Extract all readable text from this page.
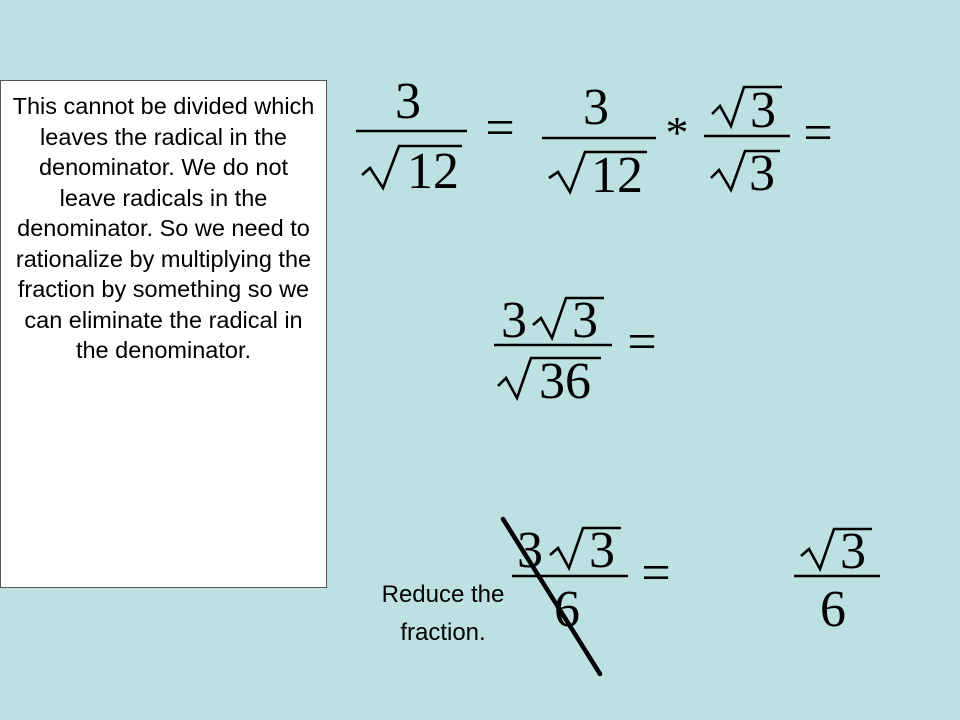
This cannot be divided which leaves the radical in the denominator. We do not leave radicals in the denominator. So we need to rationalize by multiplying the fraction by something so we can eliminate the radical in the denominator.
Reduce the fraction.
3
12
= 3
12
* 3
3
=
3 3
36
=
3 3
6
=	3
6
